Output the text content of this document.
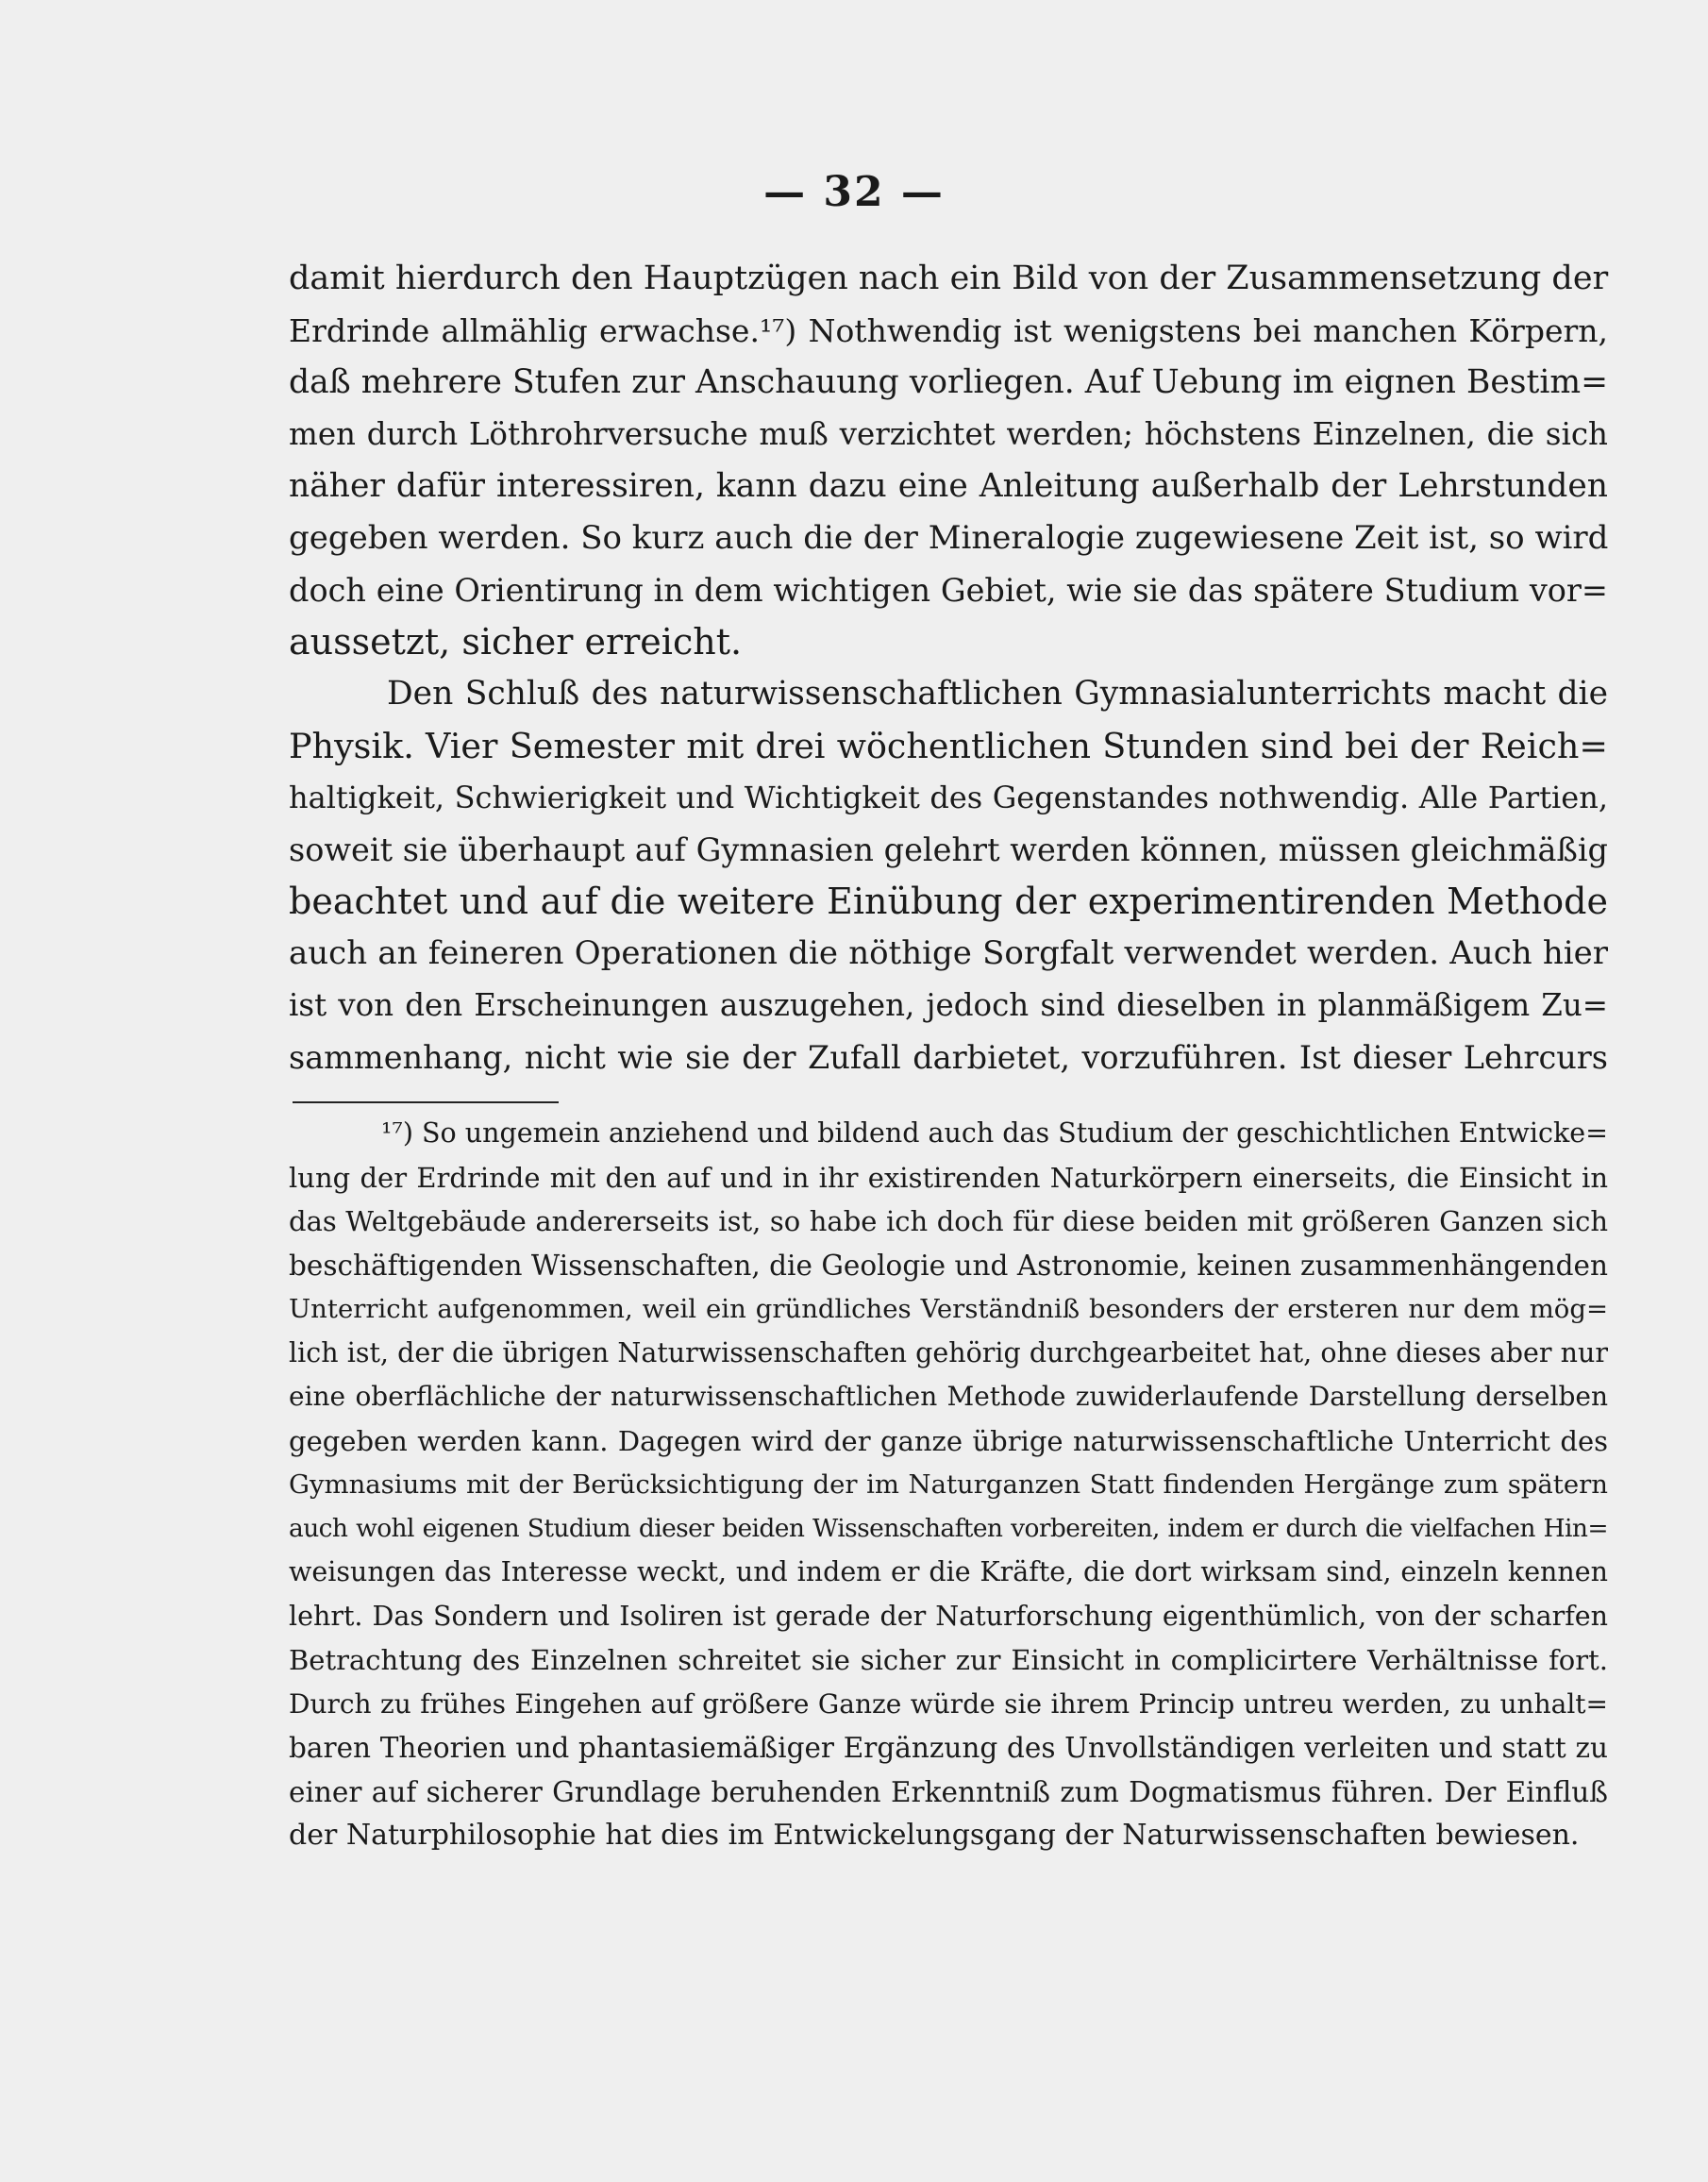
— 32 —
damit hierdurch den Hauptzügen nach ein Bild von der Zusammensetzung der
Erdrinde allmählig erwachse.¹⁷) Nothwendig ist wenigstens bei manchen Körpern,
daß mehrere Stufen zur Anschauung vorliegen. Auf Uebung im eignen Bestim=
men durch Löthrohrversuche muß verzichtet werden; höchstens Einzelnen, die sich
näher dafür interessiren, kann dazu eine Anleitung außerhalb der Lehrstunden
gegeben werden. So kurz auch die der Mineralogie zugewiesene Zeit ist, so wird
doch eine Orientirung in dem wichtigen Gebiet, wie sie das spätere Studium vor=
aussetzt, sicher erreicht.
Den Schluß des naturwissenschaftlichen Gymnasialunterrichts macht die
Physik. Vier Semester mit drei wöchentlichen Stunden sind bei der Reich=
haltigkeit, Schwierigkeit und Wichtigkeit des Gegenstandes nothwendig. Alle Partien,
soweit sie überhaupt auf Gymnasien gelehrt werden können, müssen gleichmäßig
beachtet und auf die weitere Einübung der experimentirenden Methode
auch an feineren Operationen die nöthige Sorgfalt verwendet werden. Auch hier
ist von den Erscheinungen auszugehen, jedoch sind dieselben in planmäßigem Zu=
sammenhang, nicht wie sie der Zufall darbietet, vorzuführen. Ist dieser Lehrcurs
¹⁷) So ungemein anziehend und bildend auch das Studium der geschichtlichen Entwicke=
lung der Erdrinde mit den auf und in ihr existirenden Naturkörpern einerseits, die Einsicht in
das Weltgebäude andererseits ist, so habe ich doch für diese beiden mit größeren Ganzen sich
beschäftigenden Wissenschaften, die Geologie und Astronomie, keinen zusammenhängenden
Unterricht aufgenommen, weil ein gründliches Verständniß besonders der ersteren nur dem mög=
lich ist, der die übrigen Naturwissenschaften gehörig durchgearbeitet hat, ohne dieses aber nur
eine oberflächliche der naturwissenschaftlichen Methode zuwiderlaufende Darstellung derselben
gegeben werden kann. Dagegen wird der ganze übrige naturwissenschaftliche Unterricht des
Gymnasiums mit der Berücksichtigung der im Naturganzen Statt findenden Hergänge zum spätern
auch wohl eigenen Studium dieser beiden Wissenschaften vorbereiten, indem er durch die vielfachen Hin=
weisungen das Interesse weckt, und indem er die Kräfte, die dort wirksam sind, einzeln kennen
lehrt. Das Sondern und Isoliren ist gerade der Naturforschung eigenthümlich, von der scharfen
Betrachtung des Einzelnen schreitet sie sicher zur Einsicht in complicirtere Verhältnisse fort.
Durch zu frühes Eingehen auf größere Ganze würde sie ihrem Princip untreu werden, zu unhalt=
baren Theorien und phantasiemäßiger Ergänzung des Unvollständigen verleiten und statt zu
einer auf sicherer Grundlage beruhenden Erkenntniß zum Dogmatismus führen. Der Einfluß
der Naturphilosophie hat dies im Entwickelungsgang der Naturwissenschaften bewiesen.
